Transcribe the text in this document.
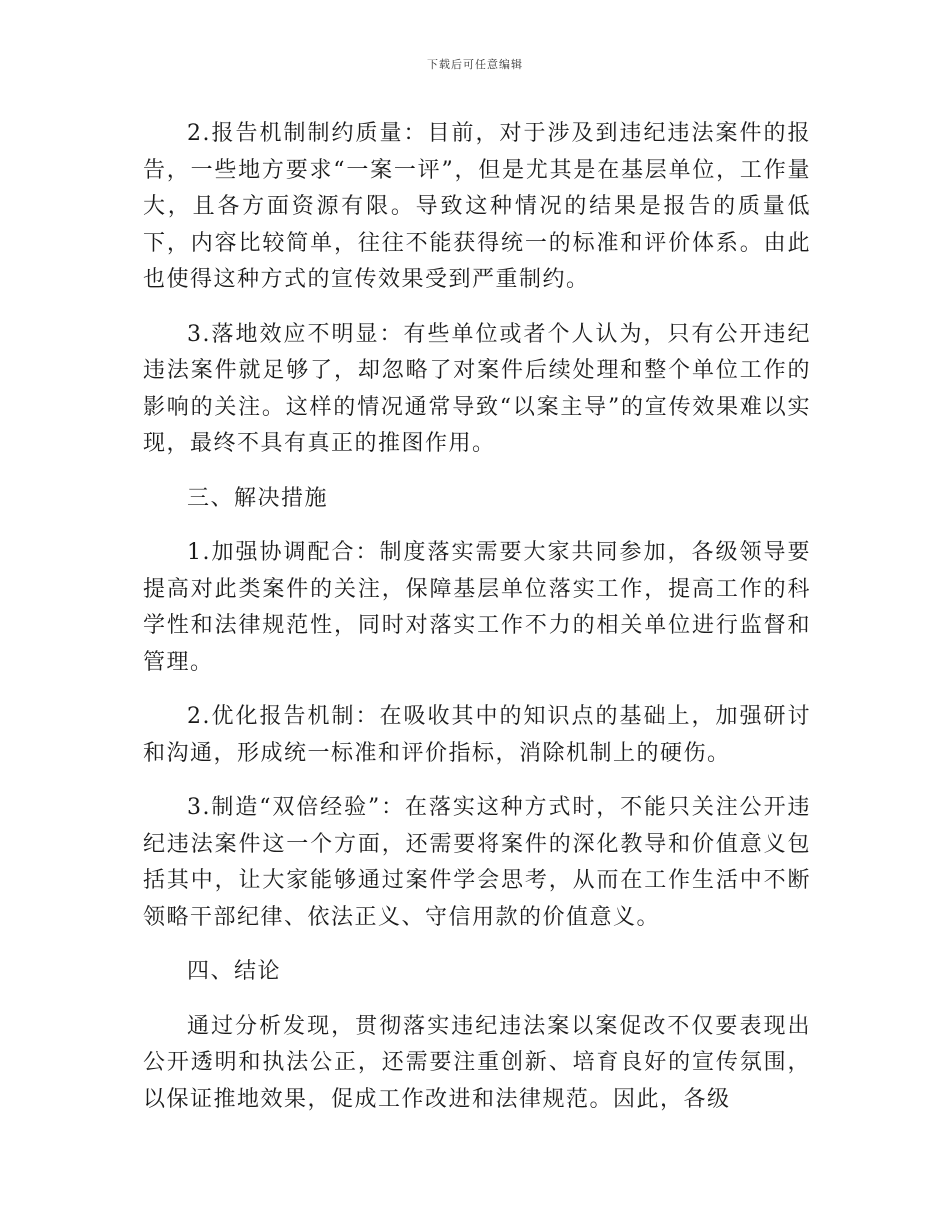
下载后可任意编辑

2.报告机制制约质量：目前，对于涉及到违纪违法案件的报告，一些地方要求“一案一评”，但是尤其是在基层单位，工作量大，且各方面资源有限。导致这种情况的结果是报告的质量低下，内容比较简单，往往不能获得统一的标准和评价体系。由此也使得这种方式的宣传效果受到严重制约。

3.落地效应不明显：有些单位或者个人认为，只有公开违纪违法案件就足够了，却忽略了对案件后续处理和整个单位工作的影响的关注。这样的情况通常导致“以案主导”的宣传效果难以实现，最终不具有真正的推图作用。

三、解决措施

1.加强协调配合：制度落实需要大家共同参加，各级领导要提高对此类案件的关注，保障基层单位落实工作，提高工作的科学性和法律规范性，同时对落实工作不力的相关单位进行监督和管理。

2.优化报告机制：在吸收其中的知识点的基础上，加强研讨和沟通，形成统一标准和评价指标，消除机制上的硬伤。

3.制造“双倍经验”：在落实这种方式时，不能只关注公开违纪违法案件这一个方面，还需要将案件的深化教导和价值意义包括其中，让大家能够通过案件学会思考，从而在工作生活中不断领略干部纪律、依法正义、守信用款的价值意义。

四、结论

通过分析发现，贯彻落实违纪违法案以案促改不仅要表现出公开透明和执法公正，还需要注重创新、培育良好的宣传氛围，以保证推地效果，促成工作改进和法律规范。因此，各级
